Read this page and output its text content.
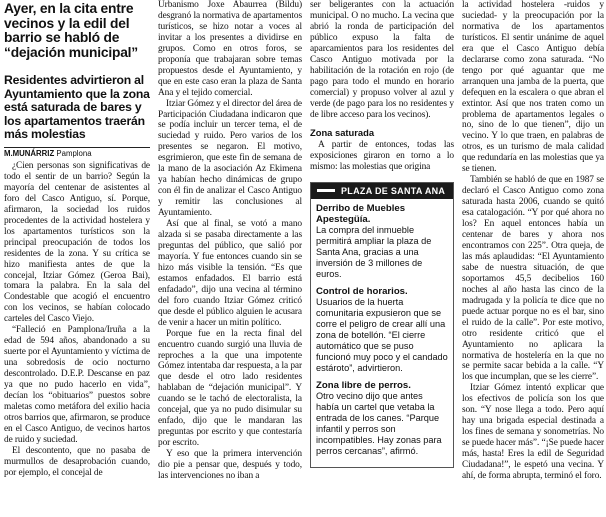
Ayer, en la cita entre vecinos y la edil del barrio se habló de “dejación municipal”
Residentes advirtieron al Ayuntamiento que la zona está saturada de bares y los apartamentos traerán más molestias
M.MUNÁRRIZ Pamplona

¿Cien personas son significativas de todo el sentir de un barrio? Según la mayoría del centenar de asistentes al foro del Casco Antiguo, sí. Porque, afirmaron, la sociedad los ruidos procedentes de la actividad hostelera y los apartamentos turísticos son la principal preocupación de todos los residentes de la zona. Y su crítica se hizo manifiesta antes de que la concejal, Itziar Gómez (Geroa Bai), tomara la palabra. En la sala del Condestable que acogió el encuentro con los vecinos, se habían colocado carteles del Casco Viejo.

“Falleció en Pamplona/Iruña a la edad de 594 años, abandonado a su suerte por el Ayuntamiento y víctima de una sobredosis de ocio nocturno descontrolado. D.E.P. Descanse en paz ya que no pudo hacerlo en vida”, decían los “obituarios” puestos sobre maletas como metáfora del exilio hacia otros barrios que, afirmaron, se produce en el Casco Antiguo, de vecinos hartos de ruido y suciedad.

El descontento, que no pasaba de murmullos de desaprobación cuando, por ejemplo, el concejal de

Urbanismo Joxe Abaurrea (Bildu) desgranó la normativa de apartamentos turísticos, se hizo notar a voces al invitar a los presentes a dividirse en grupos. Como en otros foros, se proponía que trabajaran sobre temas propuestos desde el Ayuntamiento, y que en este caso eran la plaza de Santa Ana y el tejido comercial.

Itziar Gómez y el director del área de Participación Ciudadana indicaron que se podía incluir un tercer tema, el de suciedad y ruido. Pero varios de los presentes se negaron. El motivo, esgrimieron, que este fin de semana de la mano de la asociación Az Ekimena ya habían hecho dinámicas de grupo con él fin de analizar el Casco Antiguo y remitir las conclusiones al Ayuntamiento.

Así que al final, se votó a mano alzada si se pasaba directamente a las preguntas del público, que salió por mayoría. Y fue entonces cuando sin se hizo más visible la tensión. “Es que estamos enfadados. El barrio está enfadado”, dijo una vecina al término del foro cuando Itziar Gómez criticó que desde el público alguien le acusara de venir a hacer un mitin político.

Porque fue en la recta final del encuentro cuando surgió una lluvia de reproches a la que una impotente Gómez intentaba dar respuesta, a la par que desde el otro lado residentes hablaban de “dejación municipal”. Y cuando se le tachó de electoralista, la concejal, que ya no pudo disimular su enfado, dijo que le mandaran las preguntas por escrito y que contestaría por escrito.

Y eso que la primera intervención dio pie a pensar que, después y todo, las intervenciones no iban a

ser beligerantes con la actuación municipal. O no mucho. La vecina que abrió la ronda de participación del público expuso la falta de aparcamientos para los residentes del Casco Antiguo motivada por la habilitación de la rotación en rojo (de pago para todo el mundo en horario comercial) y propuso volver al azul y verde (de pago para los no residentes y de libre acceso para los vecinos).

Zona saturada

A partir de entonces, todas las exposiciones giraron en torno a lo mismo: las molestias que origina

PLAZA DE SANTA ANA
Derribo de Muebles Apestegüía.

La compra del inmueble permitirá ampliar la plaza de Santa Ana, gracias a una inversión de 3 millones de euros.

Control de horarios.

Usuarios de la huerta comunitaria expusieron que se corre el peligro de crear allí una zona de botellón. “El cierre automático que se puso funcionó muy poco y el candado estároto”, advirtieron.

Zona libre de perros.

Otro vecino dijo que antes había un cartel que vetaba la entrada de los canes. “Parque infantil y perros son incompatibles. Hay zonas para perros cercanas”, afirmó.

la actividad hostelera -ruidos y suciedad- y la preocupación por la normativa de los apartamentos turísticos. El sentir unánime de aquel era que el Casco Antiguo debía declararse como zona saturada. “No tengo por qué aguantar que me arranquen una jamba de la puerta, que defequen en la escalera o que abran el extintor. Así que nos traten como un problema de apartamentos legales o no, sino de lo que tienen”, dijo un vecino. Y lo que traen, en palabras de otros, es un turismo de mala calidad que redundaría en las molestias que ya se tienen.

También se habló de que en 1987 se declaró el Casco Antiguo como zona saturada hasta 2006, cuando se quitó esa catalogación. “Y por qué ahora no los? En aquel entonces había un centenar de bares y ahora nos encontramos con 225”. Otra queja, de las más aplaudidas: “El Ayuntamiento sabe de nuestra situación, de que soportamos 45,5 decibelios 160 noches al año hasta las cinco de la madrugada y la policía te dice que no puede actuar porque no es el bar, sino el ruido de la calle”. Por este motivo, otro residente criticó que el Ayuntamiento no aplicara la normativa de hostelería en la que no se permite sacar bebida a la calle. “Y los que incumplan, que se les cierre”.

Itziar Gómez intentó explicar que los efectivos de policía son los que son. “Y nose llega a todo. Pero aquí hay una brigada especial destinada a los fines de semana y sonometrías. No se puede hacer más”. “¡Se puede hacer más, hasta! Eres la edil de Seguridad Ciudadana!”, le espetó una vecina. Y ahí, de forma abrupta, terminó el foro.
